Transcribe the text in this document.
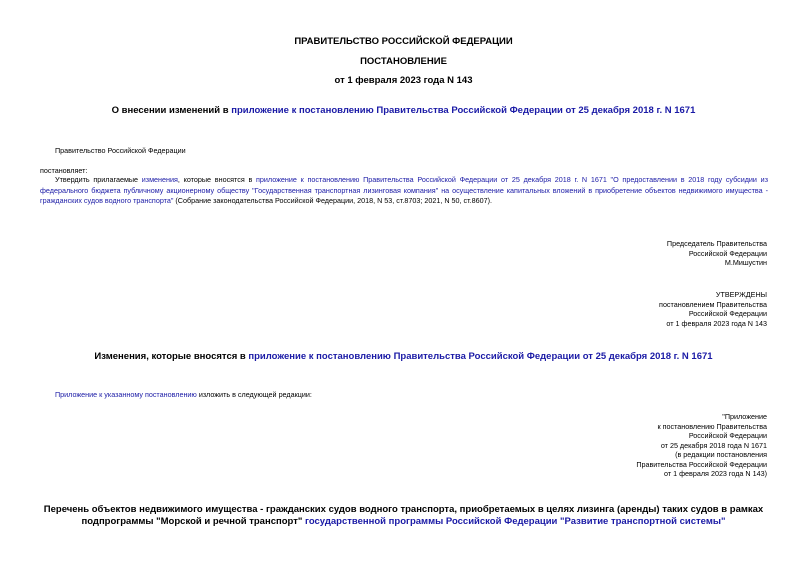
ПРАВИТЕЛЬСТВО РОССИЙСКОЙ ФЕДЕРАЦИИ
ПОСТАНОВЛЕНИЕ
от 1 февраля 2023 года N 143
О внесении изменений в приложение к постановлению Правительства Российской Федерации от 25 декабря 2018 г. N 1671
Правительство Российской Федерации
постановляет:
Утвердить прилагаемые изменения, которые вносятся в приложение к постановлению Правительства Российской Федерации от 25 декабря 2018 г. N 1671 "О предоставлении в 2018 году субсидии из федерального бюджета публичному акционерному обществу "Государственная транспортная лизинговая компания" на осуществление капитальных вложений в приобретение объектов недвижимого имущества - гражданских судов водного транспорта" (Собрание законодательства Российской Федерации, 2018, N 53, ст.8703; 2021, N 50, ст.8607).
Председатель Правительства
Российской Федерации
М.Мишустин
УТВЕРЖДЕНЫ
постановлением Правительства
Российской Федерации
от 1 февраля 2023 года N 143
Изменения, которые вносятся в приложение к постановлению Правительства Российской Федерации от 25 декабря 2018 г. N 1671
Приложение к указанному постановлению изложить в следующей редакции:
"Приложение
к постановлению Правительства
Российской Федерации
от 25 декабря 2018 года N 1671
(в редакции постановления
Правительства Российской Федерации
от 1 февраля 2023 года N 143)
Перечень объектов недвижимого имущества - гражданских судов водного транспорта, приобретаемых в целях лизинга (аренды) таких судов в рамках
подпрограммы "Морской и речной транспорт" государственной программы Российской Федерации "Развитие транспортной системы"
